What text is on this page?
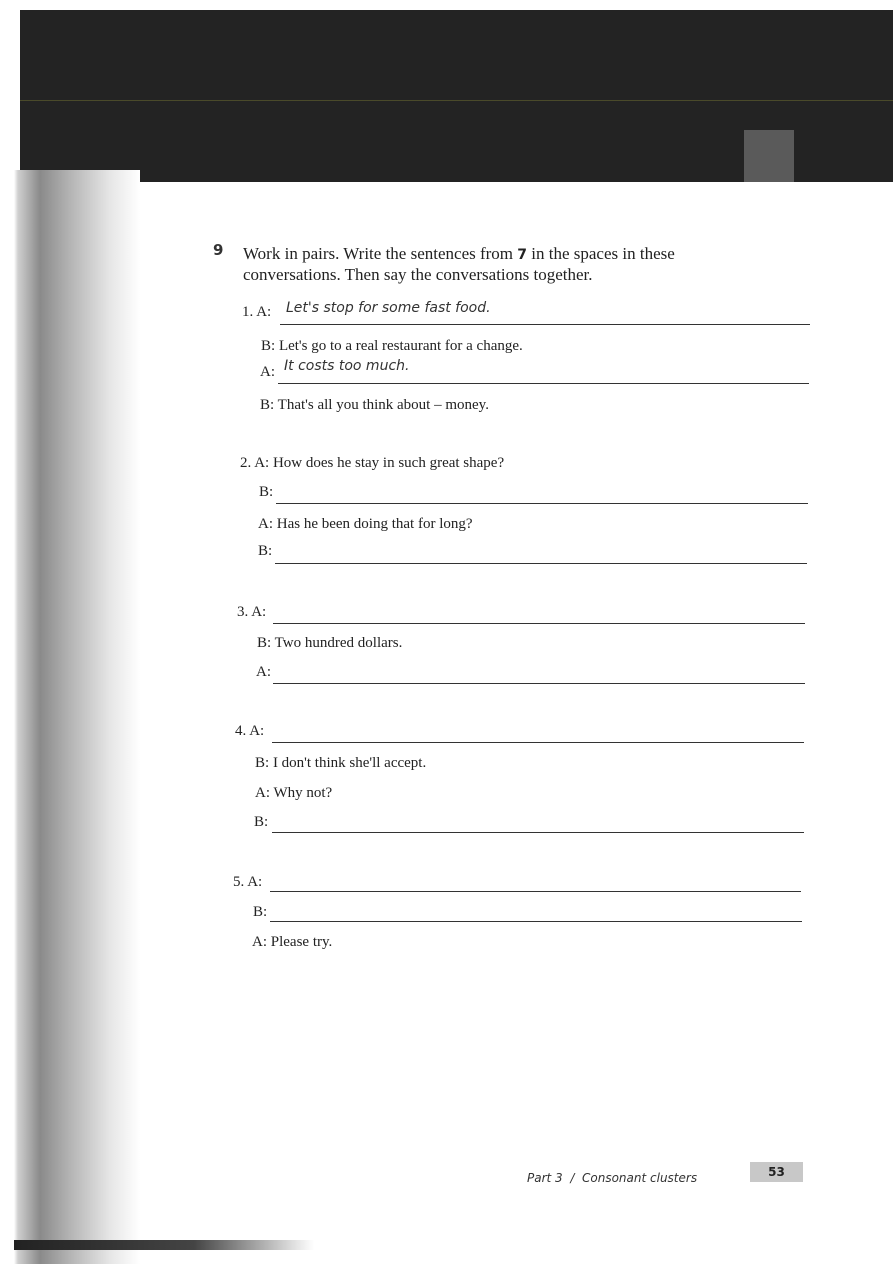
9 Work in pairs. Write the sentences from 7 in the spaces in these conversations. Then say the conversations together.
1. A: Let's stop for some fast food.
B: Let's go to a real restaurant for a change.
A: It costs too much.
B: That's all you think about – money.
2. A: How does he stay in such great shape?
B:
A: Has he been doing that for long?
B:
3. A:
B: Two hundred dollars.
A:
4. A:
B: I don't think she'll accept.
A: Why not?
B:
5. A:
B:
A: Please try.
Part 3 / Consonant clusters	53
